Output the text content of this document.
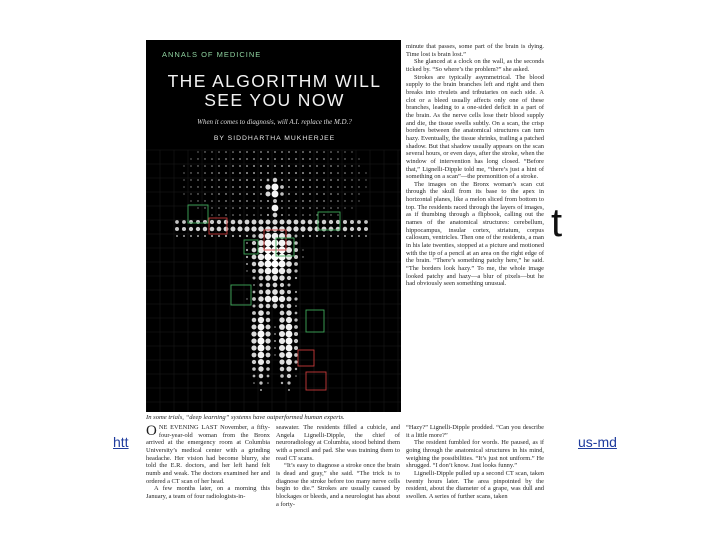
ANNALS OF MEDICINE
THE ALGORITHM WILL
SEE YOU NOW
When it comes to diagnosis, will A.I. replace the M.D.?
BY SIDDHARTHA MUKHERJEE
In some trials, “deep learning” systems have outperformed human experts.

minute that passes, some part of the brain is dying. Time lost is brain lost.”

She glanced at a clock on the wall, as the seconds ticked by. “So where’s the problem?” she asked.

Strokes are typically asymmetrical. The blood supply to the brain branches left and right and then breaks into rivulets and tributaries on each side. A clot or a bleed usually affects only one of these branches, leading to a one-sided deficit in a part of the brain. As the nerve cells lose their blood supply and die, the tissue swells subtly. On a scan, the crisp borders between the anatomical structures can turn hazy. Eventually, the tissue shrinks, trailing a patched shadow. But that shadow usually appears on the scan several hours, or even days, after the stroke, when the window of intervention has long closed. “Before that,” Lignelli-Dipple told me, “there’s just a hint of something on a scan”—the premonition of a stroke.

The images on the Bronx woman’s scan cut through the skull from its base to the apex in horizontal planes, like a melon sliced from bottom to top. The residents raced through the layers of images, as if thumbing through a flipbook, calling out the names of the anatomical structures: cerebellum, hippocampus, insular cortex, striatum, corpus callosum, ventricles. Then one of the residents, a man in his late twenties, stopped at a picture and motioned with the tip of a pencil at an area on the right edge of the brain. “There’s something patchy here,” he said. “The borders look hazy.” To me, the whole image looked patchy and hazy—a blur of pixels—but he had obviously seen something unusual.

ONE EVENING LAST November, a fifty-four-year-old woman from the Bronx arrived at the emergency room at Columbia University’s medical center with a grinding headache. Her vision had become blurry, she told the E.R. doctors, and her left hand felt numb and weak. The doctors examined her and ordered a CT scan of her head.

A few months later, on a morning this January, a team of four radiologists-in-

seawater. The residents filled a cubicle, and Angela Lignelli-Dipple, the chief of neuroradiology at Columbia, stood behind them with a pencil and pad. She was training them to read CT scans.

“It’s easy to diagnose a stroke once the brain is dead and gray,” she said. “The trick is to diagnose the stroke before too many nerve cells begin to die.” Strokes are usually caused by blockages or bleeds, and a neurologist has about a forty-

“Hazy?” Lignelli-Dipple prodded. “Can you describe it a little more?”

The resident fumbled for words. He paused, as if going through the anatomical structures in his mind, weighing the possibilities. “It’s just not uniform.” He shrugged. “I don’t know. Just looks funny.”

Lignelli-Dipple pulled up a second CT scan, taken twenty hours later. The area pinpointed by the resident, about the diameter of a grape, was dull and swollen. A series of further scans, taken

t
htt	us-md
